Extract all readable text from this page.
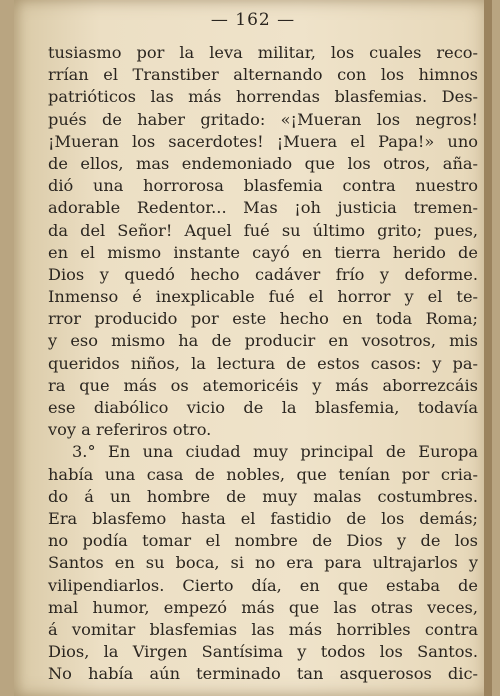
— 162 —
tusiasmo por la leva militar, los cuales reco-
rrían el Transtiber alternando con los himnos
patrióticos las más horrendas blasfemias. Des-
pués de haber gritado: «¡Mueran los negros!
¡Mueran los sacerdotes! ¡Muera el Papa!» uno
de ellos, mas endemoniado que los otros, aña-
dió una horrorosa blasfemia contra nuestro
adorable Redentor... Mas ¡oh justicia tremen-
da del Señor! Aquel fué su último grito; pues,
en el mismo instante cayó en tierra herido de
Dios y quedó hecho cadáver frío y deforme.
Inmenso é inexplicable fué el horror y el te-
rror producido por este hecho en toda Roma;
y eso mismo ha de producir en vosotros, mis
queridos niños, la lectura de estos casos: y pa-
ra que más os atemoricéis y más aborrezcáis
ese diabólico vicio de la blasfemia, todavía
voy a referiros otro.
3.° En una ciudad muy principal de Europa
había una casa de nobles, que tenían por cria-
do á un hombre de muy malas costumbres.
Era blasfemo hasta el fastidio de los demás;
no podía tomar el nombre de Dios y de los
Santos en su boca, si no era para ultrajarlos y
vilipendiarlos. Cierto día, en que estaba de
mal humor, empezó más que las otras veces,
á vomitar blasfemias las más horribles contra
Dios, la Virgen Santísima y todos los Santos.
No había aún terminado tan asquerosos dic-
